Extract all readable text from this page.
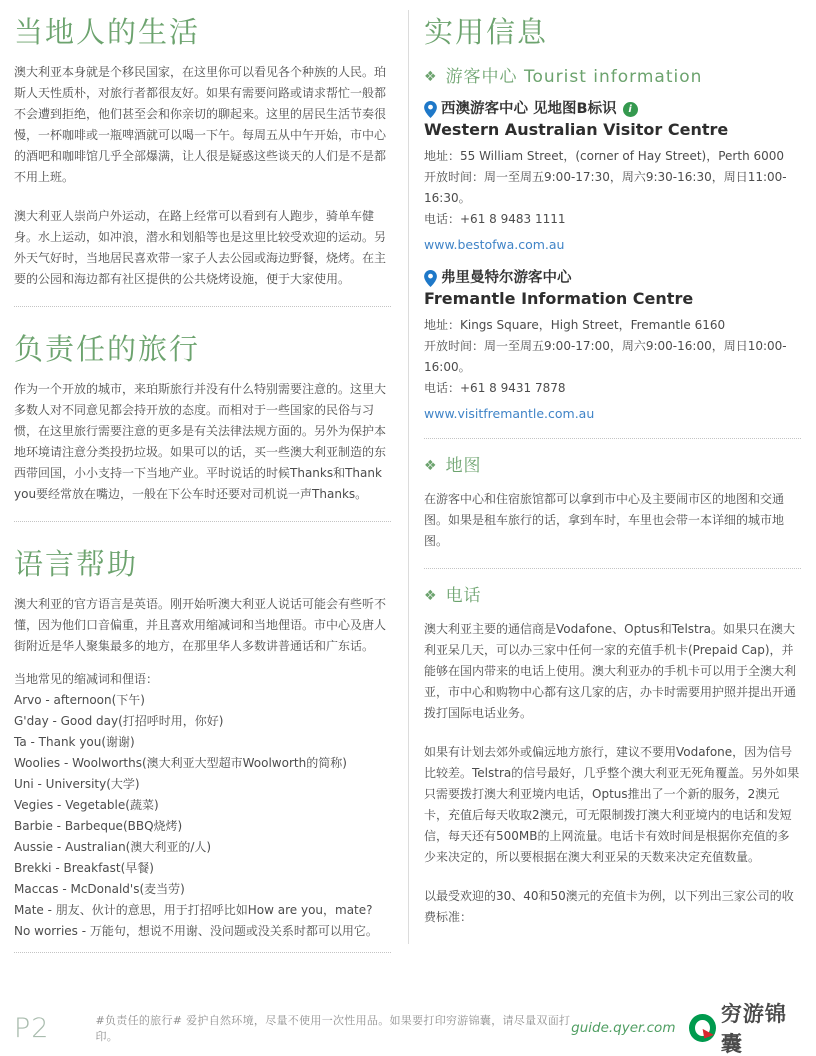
当地人的生活

澳大利亚本身就是个移民国家，在这里你可以看见各个种族的人民。珀斯人天性质朴，对旅行者都很友好。如果有需要问路或请求帮忙一般都不会遭到拒绝，他们甚至会和你亲切的聊起来。这里的居民生活节奏很慢，一杯咖啡或一瓶啤酒就可以喝一下午。每周五从中午开始，市中心的酒吧和咖啡馆几乎全部爆满，让人很是疑惑这些谈天的人们是不是都不用上班。

澳大利亚人崇尚户外运动，在路上经常可以看到有人跑步，骑单车健身。水上运动，如冲浪，潜水和划船等也是这里比较受欢迎的运动。另外天气好时，当地居民喜欢带一家子人去公园或海边野餐，烧烤。在主要的公园和海边都有社区提供的公共烧烤设施，便于大家使用。

负责任的旅行

作为一个开放的城市，来珀斯旅行并没有什么特别需要注意的。这里大多数人对不同意见都会持开放的态度。而相对于一些国家的民俗与习惯，在这里旅行需要注意的更多是有关法律法规方面的。另外为保护本地环境请注意分类投扔垃圾。如果可以的话，买一些澳大利亚制造的东西带回国，小小支持一下当地产业。平时说话的时候Thanks和Thank you要经常放在嘴边，一般在下公车时还要对司机说一声Thanks。

语言帮助

澳大利亚的官方语言是英语。刚开始听澳大利亚人说话可能会有些听不懂，因为他们口音偏重，并且喜欢用缩减词和当地俚语。市中心及唐人街附近是华人聚集最多的地方，在那里华人多数讲普通话和广东话。

当地常见的缩减词和俚语：

Arvo - afternoon(下午)
G'day - Good day(打招呼时用，你好)
Ta - Thank you(谢谢)
Woolies - Woolworths(澳大利亚大型超市Woolworth的简称)
Uni - University(大学)
Vegies - Vegetable(蔬菜)
Barbie - Barbeque(BBQ烧烤)
Aussie - Australian(澳大利亚的/人)
Brekki - Breakfast(早餐)
Maccas - McDonald's(麦当劳)
Mate - 朋友、伙计的意思，用于打招呼比如How are you，mate?
No worries - 万能句，想说不用谢、没问题或没关系时都可以用它。
实用信息
❖ 游客中心 Tourist information
西澳游客中心 见地图B标识	i
Western Australian Visitor Centre

地址：55 William Street，(corner of Hay Street)，Perth 6000

开放时间：周一至周五9:00-17:30，周六9:30-16:30，周日11:00-16:30。

电话：+61 8 9483 1111

www.bestofwa.com.au
弗里曼特尔游客中心
Fremantle Information Centre

地址：Kings Square，High Street，Fremantle 6160

开放时间：周一至周五9:00-17:00，周六9:00-16:00，周日10:00-16:00。

电话：+61 8 9431 7878

www.visitfremantle.com.au
❖ 地图

在游客中心和住宿旅馆都可以拿到市中心及主要闹市区的地图和交通图。如果是租车旅行的话，拿到车时，车里也会带一本详细的城市地图。

❖ 电话

澳大利亚主要的通信商是Vodafone、Optus和Telstra。如果只在澳大利亚呆几天，可以办三家中任何一家的充值手机卡(Prepaid Cap)，并能够在国内带来的电话上使用。澳大利亚办的手机卡可以用于全澳大利亚，市中心和购物中心都有这几家的店，办卡时需要用护照并提出开通拨打国际电话业务。

如果有计划去郊外或偏远地方旅行，建议不要用Vodafone，因为信号比较差。Telstra的信号最好，几乎整个澳大利亚无死角覆盖。另外如果只需要拨打澳大利亚境内电话，Optus推出了一个新的服务，2澳元卡，充值后每天收取2澳元，可无限制拨打澳大利亚境内的电话和发短信，每天还有500MB的上网流量。电话卡有效时间是根据你充值的多少来决定的，所以要根据在澳大利亚呆的天数来决定充值数量。

以最受欢迎的30、40和50澳元的充值卡为例，以下列出三家公司的收费标准：

P2	#负责任的旅行# 爱护自然环境，尽量不使用一次性用品。如果要打印穷游锦囊，请尽量双面打印。
guide.qyer.com
穷游锦囊
